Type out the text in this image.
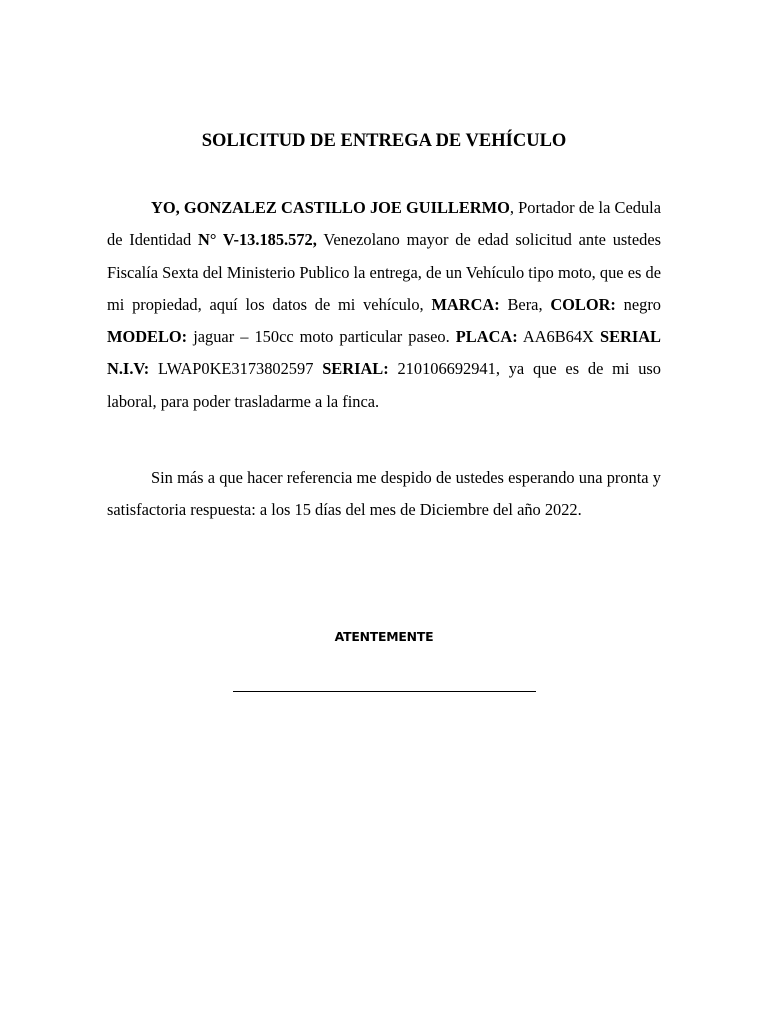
SOLICITUD DE ENTREGA DE VEHÍCULO

YO, GONZALEZ CASTILLO JOE GUILLERMO, Portador de la Cedula de Identidad N° V-13.185.572, Venezolano mayor de edad solicitud ante ustedes Fiscalía Sexta del Ministerio Publico la entrega, de un Vehículo tipo moto, que es de mi propiedad, aquí los datos de mi vehículo, MARCA: Bera, COLOR: negro MODELO: jaguar – 150cc moto particular paseo. PLACA: AA6B64X SERIAL N.I.V: LWAP0KE3173802597 SERIAL: 210106692941, ya que es de mi uso laboral, para poder trasladarme a la finca.

Sin más a que hacer referencia me despido de ustedes esperando una pronta y satisfactoria respuesta: a los 15 días del mes de Diciembre del año 2022.

ATENTEMENTE
